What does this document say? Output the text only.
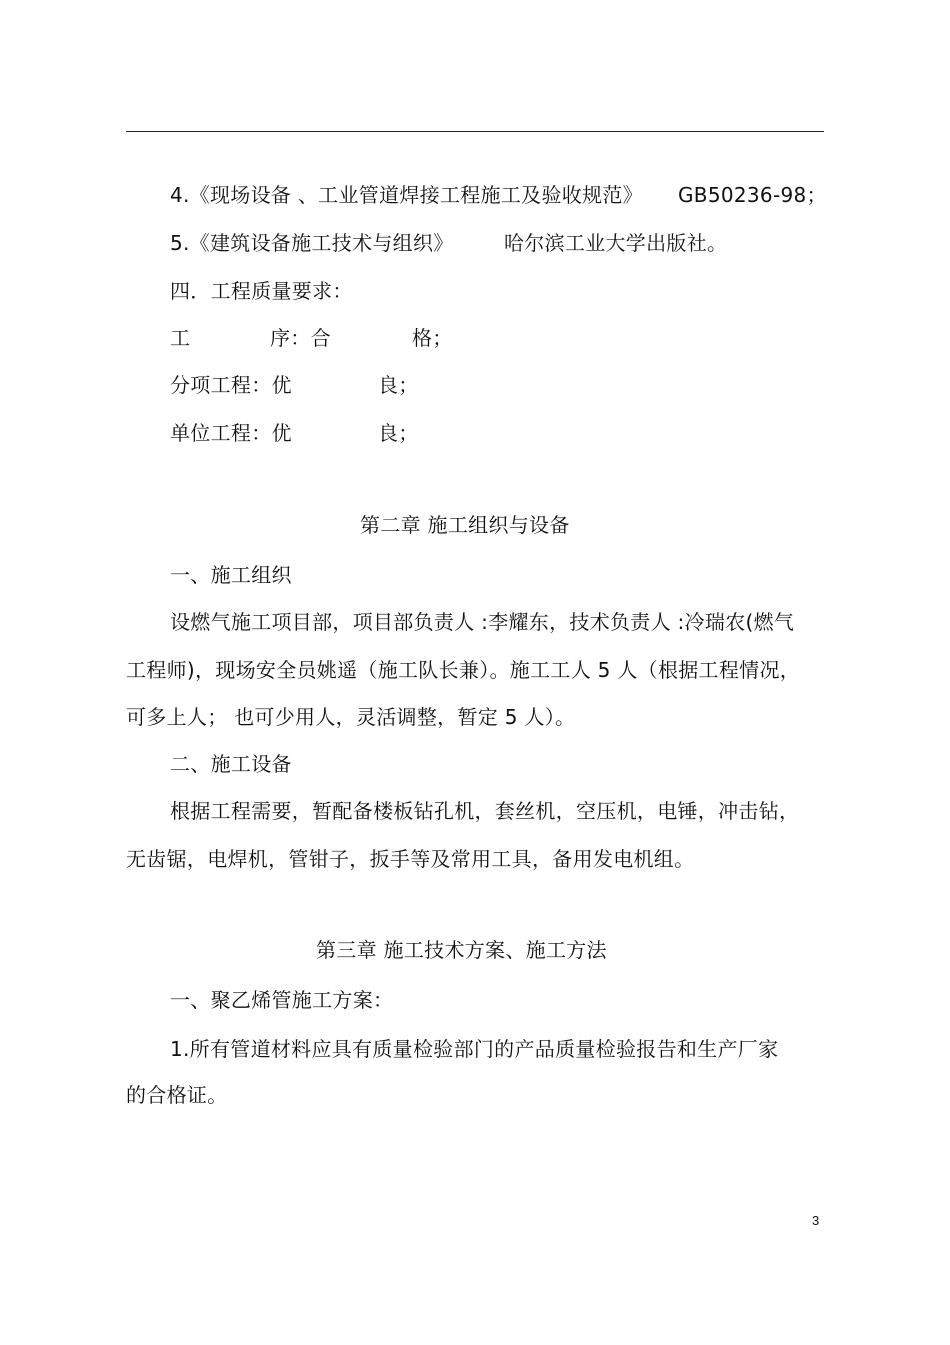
4.《现场设备 、工业管道焊接工程施工及验收规范》 GB50236-98；
5.《建筑设备施工技术与组织》	哈尔滨工业大学出版社。
四．工程质量要求：
工	序：合	格；
分项工程：优	良；
单位工程：优	良；
第二章 施工组织与设备
一、施工组织
设燃气施工项目部，项目部负责人 :李耀东，技术负责人 :冷瑞农(燃气
工程师)，现场安全员姚遥（施工队长兼）。施工工人 5 人（根据工程情况，
可多上人； 也可少用人，灵活调整，暂定 5 人）。
二、施工设备
根据工程需要，暂配备楼板钻孔机，套丝机，空压机，电锤，冲击钻，
无齿锯，电焊机，管钳子，扳手等及常用工具，备用发电机组。
第三章 施工技术方案、施工方法
一、聚乙烯管施工方案：
1.所有管道材料应具有质量检验部门的产品质量检验报告和生产厂家
的合格证。
3
